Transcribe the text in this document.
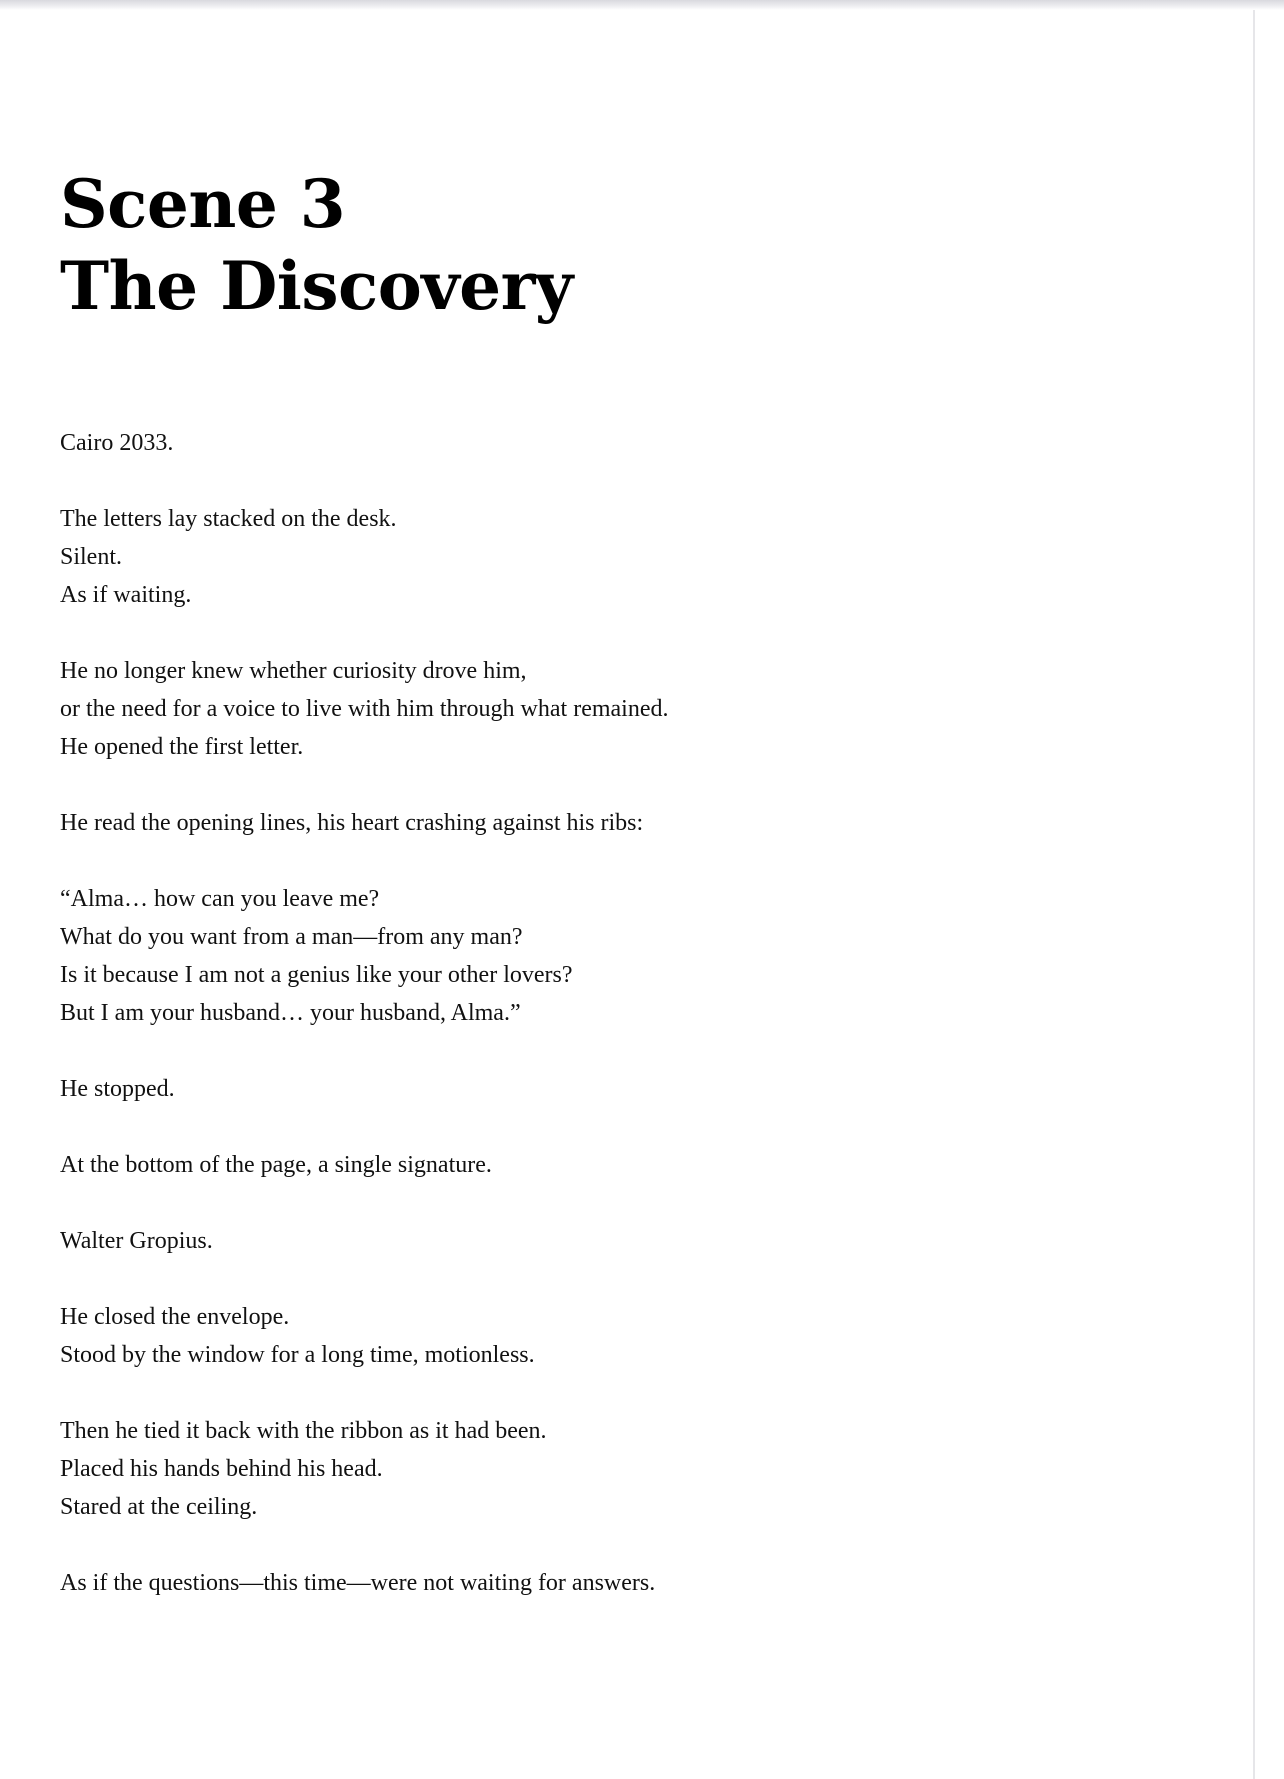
Scene 3
The Discovery

Cairo 2033.

The letters lay stacked on the desk.
Silent.
As if waiting.

He no longer knew whether curiosity drove him,
or the need for a voice to live with him through what remained.
He opened the first letter.

He read the opening lines, his heart crashing against his ribs:

“Alma… how can you leave me?
What do you want from a man—from any man?
Is it because I am not a genius like your other lovers?
But I am your husband… your husband, Alma.”

He stopped.

At the bottom of the page, a single signature.

Walter Gropius.

He closed the envelope.
Stood by the window for a long time, motionless.

Then he tied it back with the ribbon as it had been.
Placed his hands behind his head.
Stared at the ceiling.

As if the questions—this time—were not waiting for answers.
